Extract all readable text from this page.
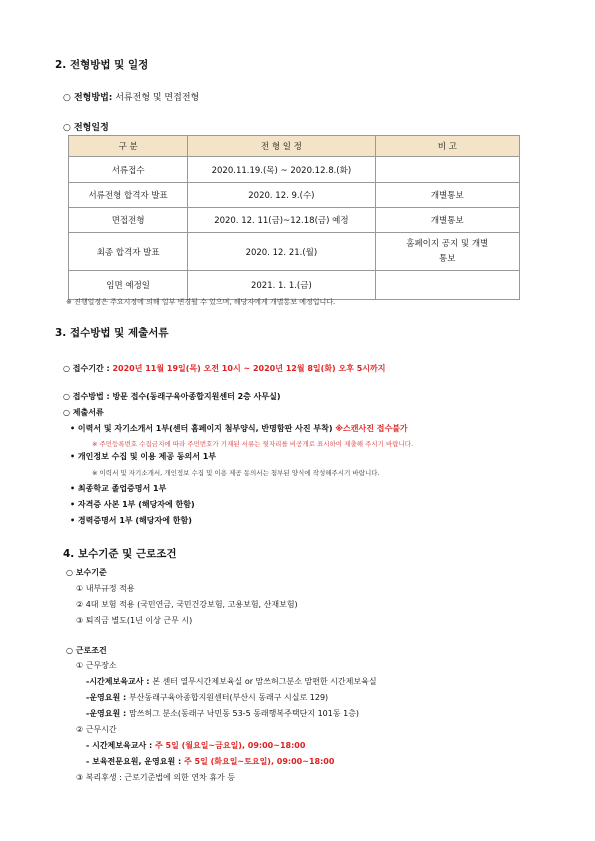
2. 전형방법 및 일정
○ 전형방법: 서류전형 및 면접전형
○ 전형일정
구 분	전 형 일 정	비 고
서류접수	2020.11.19.(목) ~ 2020.12.8.(화)	
서류전형 합격자 발표	2020. 12. 9.(수)	개별통보
면접전형	2020. 12. 11(금)~12.18(금) 예정	개별통보
최종 합격자 발표	2020. 12. 21.(월)	홈페이지 공지 및 개별 통보
임면 예정일	2021. 1. 1.(금)	
※ 진행일정은 주요시정에 의해 일부 변경될 수 있으며, 해당자에게 개별통보 예정입니다.
3. 접수방법 및 제출서류
○ 접수기간 : 2020년 11월 19일(목) 오전 10시 ~ 2020년 12월 8일(화) 오후 5시까지
○ 접수방법 : 방문 접수(동래구육아종합지원센터 2층 사무실)
○ 제출서류
• 이력서 및 자기소개서 1부(센터 홈페이지 첨부양식, 반명함판 사진 부착) ※스캔사진 접수불가
※ 주민등록번호 수집금지에 따라 주민번호가 기재된 서류는 뒷자리를 비공개로 표시하여 제출해 주시기 바랍니다.
• 개인정보 수집 및 이용 제공 동의서 1부
※ 이력서 및 자기소개서, 개인정보 수집 및 이용 제공 동의서는 첨부된 양식에 작성해주시기 바랍니다.
• 최종학교 졸업증명서 1부
• 자격증 사본 1부 (해당자에 한함)
• 경력증명서 1부 (해당자에 한함)
4. 보수기준 및 근로조건
○ 보수기준
① 내부규정 적용
② 4대 보험 적용 (국민연금, 국민건강보험, 고용보험, 산재보험)
③ 퇴직금 별도(1년 이상 근무 시)
○ 근로조건
① 근무장소
-시간제보육교사 : 본 센터 열무시간제보육실 or 맘쓰허그분소 맘편한 시간제보육실
-운영요원 : 부산동래구육아종합지원센터(부산시 동래구 시실로 129)
-운영요원 : 맘쓰허그 분소(동래구 낙민동 53-5 동래행복주택단지 101동 1층)
② 근무시간
- 시간제보육교사 : 주 5일 (월요일~금요일), 09:00~18:00
- 보육전문요원, 운영요원 : 주 5일 (화요일~토요일), 09:00~18:00
③ 복리후생 : 근로기준법에 의한 연차 휴가 등
